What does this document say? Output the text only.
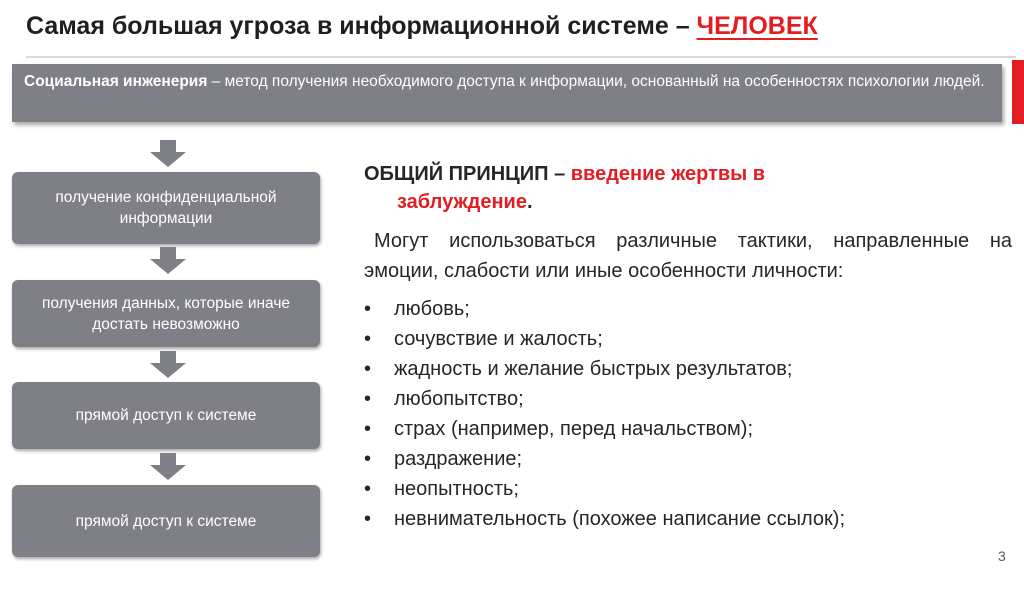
Самая большая угроза в информационной системе – ЧЕЛОВЕК
Социальная инженерия – метод получения необходимого доступа к информации, основанный на особенностях психологии людей.
получение конфиденциальной информации
получения данных, которые иначе достать невозможно
прямой доступ к системе
прямой доступ к системе

ОБЩИЙ ПРИНЦИП – введение жертвы в
заблуждение.

Могут использоваться различные тактики, направленные на эмоции, слабости или иные особенности личности:

• любовь;
• сочувствие и жалость;
• жадность и желание быстрых результатов;
• любопытство;
• страх (например, перед начальством);
• раздражение;
• неопытность;
• невнимательность (похожее написание ссылок);
3
